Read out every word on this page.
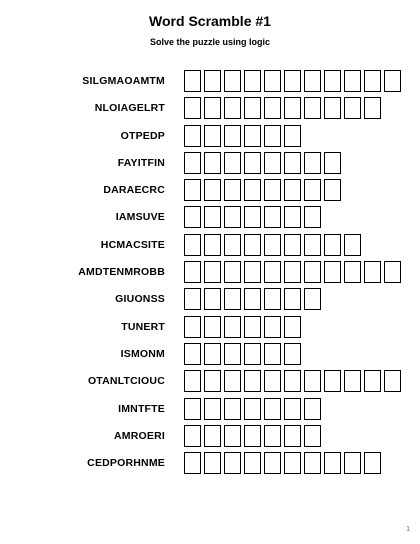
Word Scramble #1
Solve the puzzle using logic
SILGMAOAMTM
NLOIAGELRT
OTPEDP
FAYITFIN
DARAECRC
IAMSUVE
HCMACSITE
AMDTENMROBB
GIUONSS
TUNERT
ISMONM
OTANLTCIOUC
IMNTFTE
AMROERI
CEDPORHNME
1
